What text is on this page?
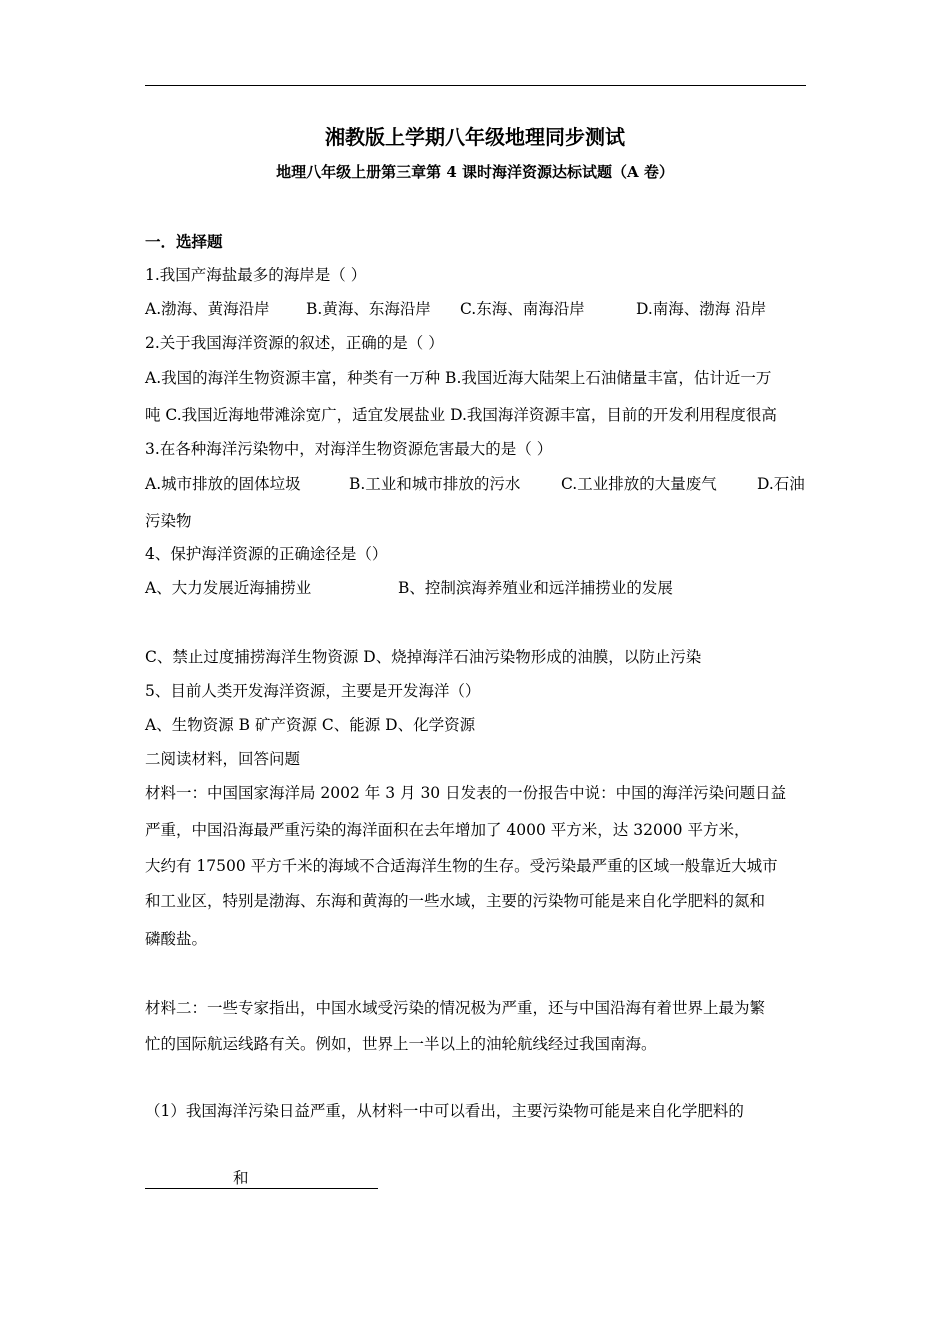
湘教版上学期八年级地理同步测试
地理八年级上册第三章第 4 课时海洋资源达标试题（A 卷）
一．选择题
1.我国产海盐最多的海岸是（ ）
A.渤海、黄海沿岸 B.黄海、东海沿岸 C.东海、南海沿岸	D.南海、渤海 沿岸
2.关于我国海洋资源的叙述，正确的是（ ）
A.我国的海洋生物资源丰富，种类有一万种 B.我国近海大陆架上石油储量丰富，估计近一万
吨 C.我国近海地带滩涂宽广，适宜发展盐业 D.我国海洋资源丰富，目前的开发利用程度很高
3.在各种海洋污染物中，对海洋生物资源危害最大的是（ ）
A.城市排放的固体垃圾	B.工业和城市排放的污水	C.工业排放的大量废气	D.石油
污染物
4、保护海洋资源的正确途径是（）
A、大力发展近海捕捞业	B、控制滨海养殖业和远洋捕捞业的发展
C、禁止过度捕捞海洋生物资源 D、烧掉海洋石油污染物形成的油膜，以防止污染
5、目前人类开发海洋资源，主要是开发海洋（）
A、生物资源 B 矿产资源 C、能源 D、化学资源
二阅读材料，回答问题
材料一：中国国家海洋局 2002 年 3 月 30 日发表的一份报告中说：中国的海洋污染问题日益
严重，中国沿海最严重污染的海洋面积在去年增加了 4000 平方米，达 32000 平方米，
大约有 17500 平方千米的海域不合适海洋生物的生存。受污染最严重的区域一般靠近大城市
和工业区，特别是渤海、东海和黄海的一些水域，主要的污染物可能是来自化学肥料的氮和
磷酸盐。
材料二：一些专家指出，中国水域受污染的情况极为严重，还与中国沿海有着世界上最为繁
忙的国际航运线路有关。例如，世界上一半以上的油轮航线经过我国南海。
（1）我国海洋污染日益严重，从材料一中可以看出，主要污染物可能是来自化学肥料的
和
